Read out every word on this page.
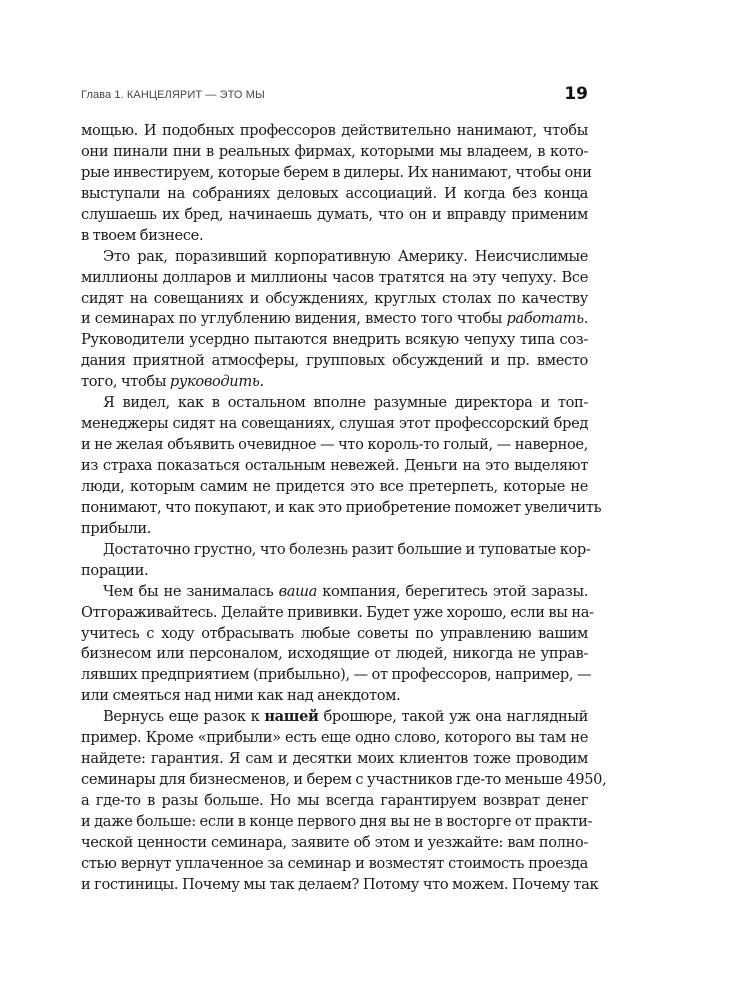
Глава 1. КАНЦЕЛЯРИТ — ЭТО МЫ	19
мощью. И подобных профессоров действительно нанимают, чтобы
они пинали пни в реальных фирмах, которыми мы владеем, в кото-
рые инвестируем, которые берем в дилеры. Их нанимают, чтобы они
выступали на собраниях деловых ассоциаций. И когда без конца
слушаешь их бред, начинаешь думать, что он и вправду применим
в твоем бизнесе.
Это рак, поразивший корпоративную Америку. Неисчислимые
миллионы долларов и миллионы часов тратятся на эту чепуху. Все
сидят на совещаниях и обсуждениях, круглых столах по качеству
и семинарах по углублению видения, вместо того чтобы работать.
Руководители усердно пытаются внедрить всякую чепуху типа соз-
дания приятной атмосферы, групповых обсуждений и пр. вместо
того, чтобы руководить.
Я видел, как в остальном вполне разумные директора и топ-
менеджеры сидят на совещаниях, слушая этот профессорский бред
и не желая объявить очевидное — что король-то голый, — наверное,
из страха показаться остальным невежей. Деньги на это выделяют
люди, которым самим не придется это все претерпеть, которые не
понимают, что покупают, и как это приобретение поможет увеличить
прибыли.
Достаточно грустно, что болезнь разит большие и туповатые кор-
порации.
Чем бы не занималась ваша компания, берегитесь этой заразы.
Отгораживайтесь. Делайте прививки. Будет уже хорошо, если вы на-
учитесь с ходу отбрасывать любые советы по управлению вашим
бизнесом или персоналом, исходящие от людей, никогда не управ-
лявших предприятием (прибыльно), — от профессоров, например, —
или смеяться над ними как над анекдотом.
Вернусь еще разок к нашей брошюре, такой уж она наглядный
пример. Кроме «прибыли» есть еще одно слово, которого вы там не
найдете: гарантия. Я сам и десятки моих клиентов тоже проводим
семинары для бизнесменов, и берем с участников где-то меньше 4950,
а где-то в разы больше. Но мы всегда гарантируем возврат денег
и даже больше: если в конце первого дня вы не в восторге от практи-
ческой ценности семинара, заявите об этом и уезжайте: вам полно-
стью вернут уплаченное за семинар и возместят стоимость проезда
и гостиницы. Почему мы так делаем? Потому что можем. Почему так
